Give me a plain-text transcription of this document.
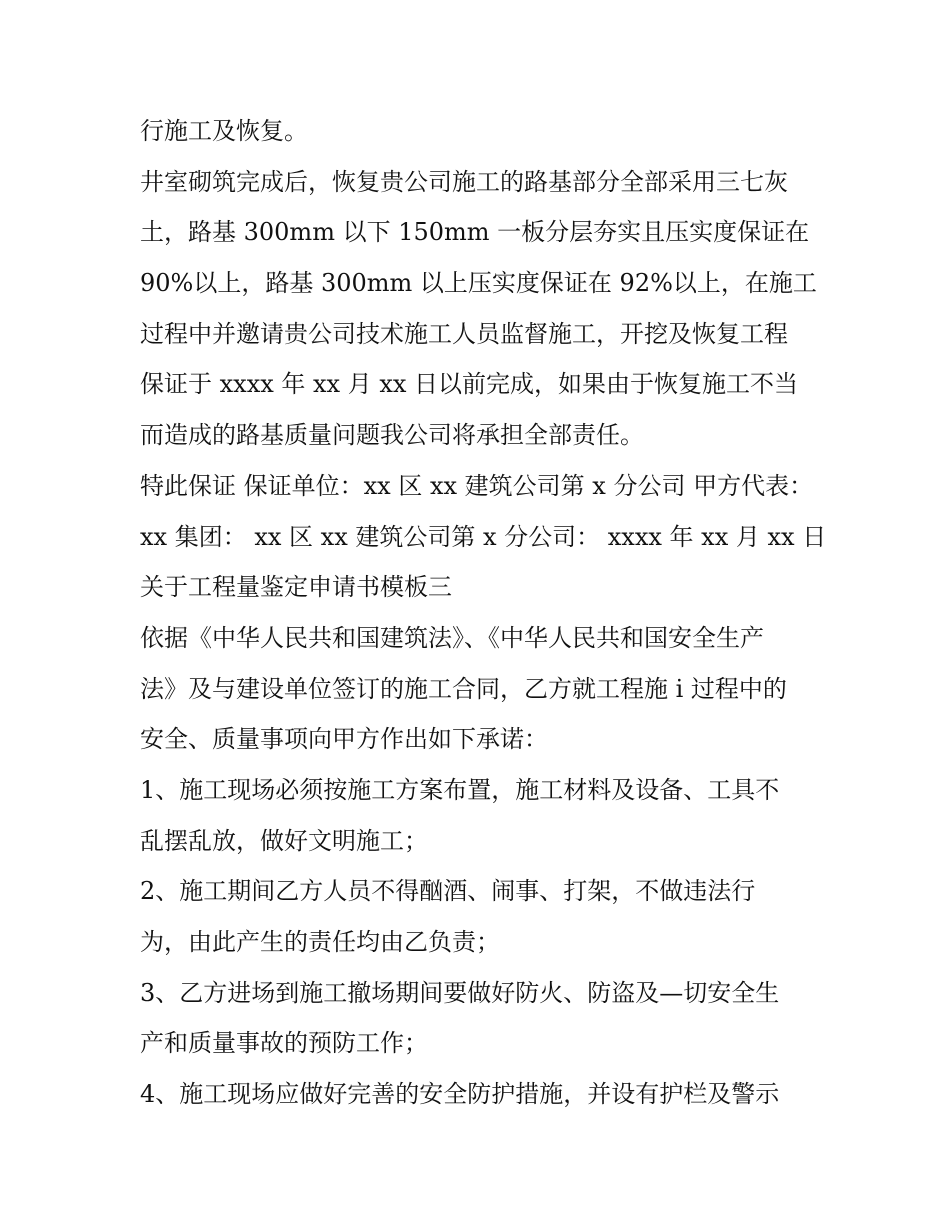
行施工及恢复。
井室砌筑完成后，恢复贵公司施工的路基部分全部采用三七灰
土，路基 300mm 以下 150mm 一板分层夯实且压实度保证在
90%以上，路基 300mm 以上压实度保证在 92%以上，在施工
过程中并邀请贵公司技术施工人员监督施工，开挖及恢复工程
保证于 xxxx 年 xx 月 xx 日以前完成，如果由于恢复施工不当
而造成的路基质量问题我公司将承担全部责任。
特此保证 保证单位：xx 区 xx 建筑公司第 x 分公司 甲方代表：
xx 集团： xx 区 xx 建筑公司第 x 分公司： xxxx 年 xx 月 xx 日
关于工程量鉴定申请书模板三
依据《中华人民共和国建筑法》、《中华人民共和国安全生产
法》及与建设单位签订的施工合同，乙方就工程施 i 过程中的
安全、质量事项向甲方作出如下承诺：
1、施工现场必须按施工方案布置，施工材料及设备、工具不
乱摆乱放，做好文明施工；
2、施工期间乙方人员不得酗酒、闹事、打架，不做违法行
为，由此产生的责任均由乙负责；
3、乙方进场到施工撤场期间要做好防火、防盗及—切安全生
产和质量事故的预防工作；
4、施工现场应做好完善的安全防护措施，并设有护栏及警示
